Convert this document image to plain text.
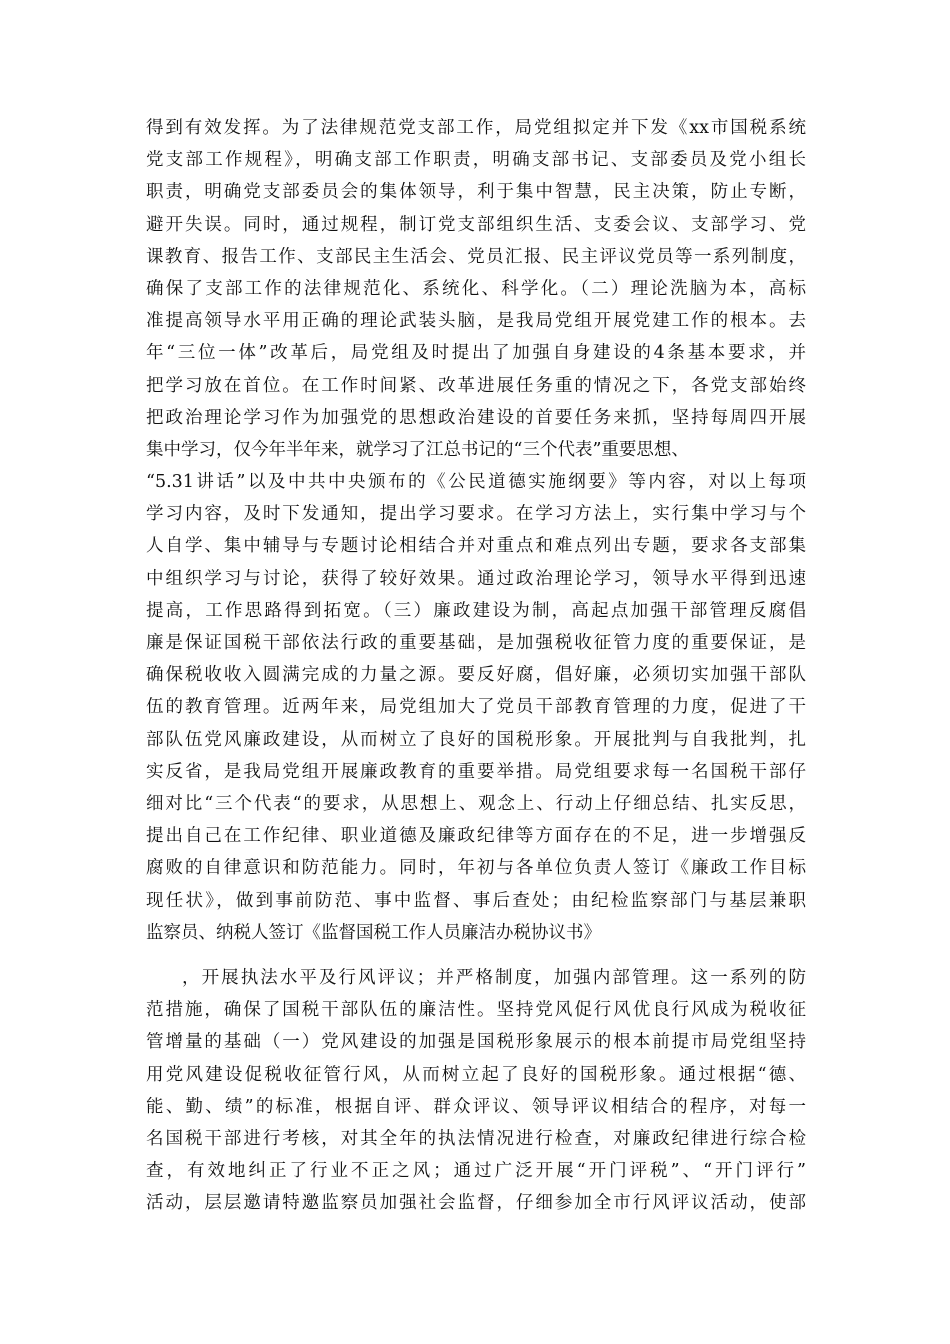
得到有效发挥。为了法律规范党支部工作，局党组拟定并下发《xx市国税系统
党支部工作规程》，明确支部工作职责，明确支部书记、支部委员及党小组长
职责，明确党支部委员会的集体领导，利于集中智慧，民主决策，防止专断，
避开失误。同时，通过规程，制订党支部组织生活、支委会议、支部学习、党
课教育、报告工作、支部民主生活会、党员汇报、民主评议党员等一系列制度，
确保了支部工作的法律规范化、系统化、科学化。（二）理论洗脑为本，高标
准提高领导水平用正确的理论武装头脑，是我局党组开展党建工作的根本。去
年“三位一体”改革后，局党组及时提出了加强自身建设的4条基本要求，并
把学习放在首位。在工作时间紧、改革进展任务重的情况之下，各党支部始终
把政治理论学习作为加强党的思想政治建设的首要任务来抓，坚持每周四开展
集中学习，仅今年半年来，就学习了江总书记的“三个代表”重要思想、
“5.31讲话”以及中共中央颁布的《公民道德实施纲要》等内容，对以上每项
学习内容，及时下发通知，提出学习要求。在学习方法上，实行集中学习与个
人自学、集中辅导与专题讨论相结合并对重点和难点列出专题，要求各支部集
中组织学习与讨论，获得了较好效果。通过政治理论学习，领导水平得到迅速
提高，工作思路得到拓宽。（三）廉政建设为制，高起点加强干部管理反腐倡
廉是保证国税干部依法行政的重要基础，是加强税收征管力度的重要保证，是
确保税收收入圆满完成的力量之源。要反好腐，倡好廉，必须切实加强干部队
伍的教育管理。近两年来，局党组加大了党员干部教育管理的力度，促进了干
部队伍党风廉政建设，从而树立了良好的国税形象。开展批判与自我批判，扎
实反省，是我局党组开展廉政教育的重要举措。局党组要求每一名国税干部仔
细对比“三个代表“的要求，从思想上、观念上、行动上仔细总结、扎实反思，
提出自己在工作纪律、职业道德及廉政纪律等方面存在的不足，进一步增强反
腐败的自律意识和防范能力。同时，年初与各单位负责人签订《廉政工作目标
现任状》，做到事前防范、事中监督、事后查处；由纪检监察部门与基层兼职
监察员、纳税人签订《监督国税工作人员廉洁办税协议书》
，开展执法水平及行风评议；并严格制度，加强内部管理。这一系列的防
范措施，确保了国税干部队伍的廉洁性。坚持党风促行风优良行风成为税收征
管增量的基础（一）党风建设的加强是国税形象展示的根本前提市局党组坚持
用党风建设促税收征管行风，从而树立起了良好的国税形象。通过根据“德、
能、勤、绩”的标准，根据自评、群众评议、领导评议相结合的程序，对每一
名国税干部进行考核，对其全年的执法情况进行检查，对廉政纪律进行综合检
查，有效地纠正了行业不正之风；通过广泛开展“开门评税”、“开门评行”
活动，层层邀请特邀监察员加强社会监督，仔细参加全市行风评议活动，使部
